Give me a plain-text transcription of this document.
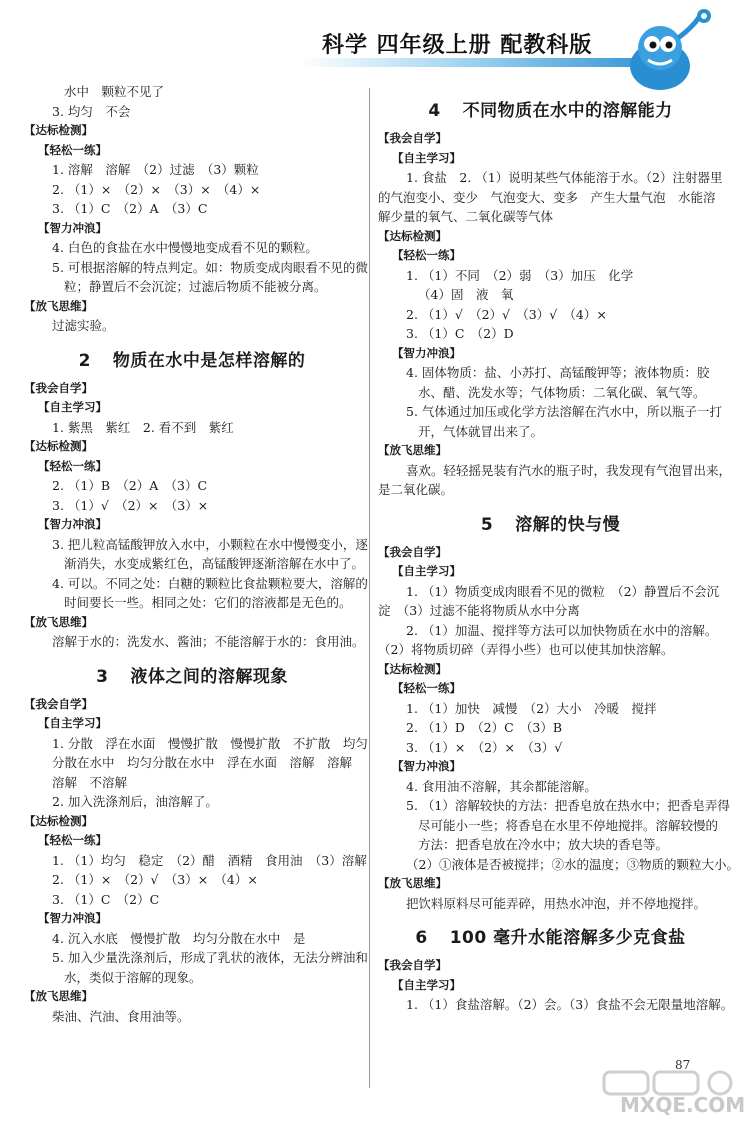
科学 四年级上册 配教科版
水中　颗粒不见了
3. 均匀　不会
【达标检测】
【轻松一练】
1. 溶解　溶解　（2）过滤　（3）颗粒
2. （1）×　（2）×　（3）×　（4）×
3. （1）C　（2）A　（3）C
【智力冲浪】
4. 白色的食盐在水中慢慢地变成看不见的颗粒。
5. 可根据溶解的特点判定。如：物质变成肉眼看不见的微
粒；静置后不会沉淀；过滤后物质不能被分离。
【放飞思维】
过滤实验。
2 物质在水中是怎样溶解的
【我会自学】
【自主学习】
1. 紫黑　紫红　2. 看不到　紫红
【达标检测】
【轻松一练】
2. （1）B　（2）A　（3）C
3. （1）√　（2）×　（3）×
【智力冲浪】
3. 把儿粒高锰酸钾放入水中，小颗粒在水中慢慢变小，逐
渐消失，水变成紫红色，高锰酸钾逐渐溶解在水中了。
4. 可以。不同之处：白糖的颗粒比食盐颗粒要大，溶解的
时间要长一些。相同之处：它们的溶液都是无色的。
【放飞思维】
溶解于水的：洗发水、酱油；不能溶解于水的：食用油。
3 液体之间的溶解现象
【我会自学】
【自主学习】
1. 分散　浮在水面　慢慢扩散　慢慢扩散　不扩散　均匀
分散在水中　均匀分散在水中　浮在水面　溶解　溶解
溶解　不溶解
2. 加入洗涤剂后，油溶解了。
【达标检测】
【轻松一练】
1. （1）均匀　稳定　（2）醋　酒精　食用油　（3）溶解
2. （1）×　（2）√　（3）×　（4）×
3. （1）C　（2）C
【智力冲浪】
4. 沉入水底　慢慢扩散　均匀分散在水中　是
5. 加入少量洗涤剂后，形成了乳状的液体，无法分辨油和
水，类似于溶解的现象。
【放飞思维】
柴油、汽油、食用油等。
4 不同物质在水中的溶解能力
【我会自学】
【自主学习】
1. 食盐　2. （1）说明某些气体能溶于水。（2）注射器里
的气泡变小、变少　气泡变大、变多　产生大量气泡　水能溶
解少量的氧气、二氧化碳等气体
【达标检测】
【轻松一练】
1. （1）不同　（2）弱　（3）加压　化学
（4）固　液　氧
2. （1）√　（2）√　（3）√　（4）×
3. （1）C　（2）D
【智力冲浪】
4. 固体物质：盐、小苏打、高锰酸钾等；液体物质：胶
水、醋、洗发水等；气体物质：二氧化碳、氧气等。
5. 气体通过加压或化学方法溶解在汽水中，所以瓶子一打
开，气体就冒出来了。
【放飞思维】
喜欢。轻轻摇晃装有汽水的瓶子时，我发现有气泡冒出来，
是二氧化碳。
5 溶解的快与慢
【我会自学】
【自主学习】
1. （1）物质变成肉眼看不见的微粒　（2）静置后不会沉
淀　（3）过滤不能将物质从水中分离
2. （1）加温、搅拌等方法可以加快物质在水中的溶解。
（2）将物质切碎（弄得小些）也可以使其加快溶解。
【达标检测】
【轻松一练】
1. （1）加快　减慢　（2）大小　冷暖　搅拌
2. （1）D　（2）C　（3）B
3. （1）×　（2）×　（3）√
【智力冲浪】
4. 食用油不溶解，其余都能溶解。
5. （1）溶解较快的方法：把香皂放在热水中；把香皂弄得
尽可能小一些；将香皂在水里不停地搅拌。溶解较慢的
方法：把香皂放在冷水中；放大块的香皂等。
（2）①液体是否被搅拌；②水的温度；③物质的颗粒大小。
【放飞思维】
把饮料原料尽可能弄碎，用热水冲泡，并不停地搅拌。
6 100 毫升水能溶解多少克食盐
【我会自学】
【自主学习】
1. （1）食盐溶解。（2）会。（3）食盐不会无限量地溶解。
87
MXQE.COM
